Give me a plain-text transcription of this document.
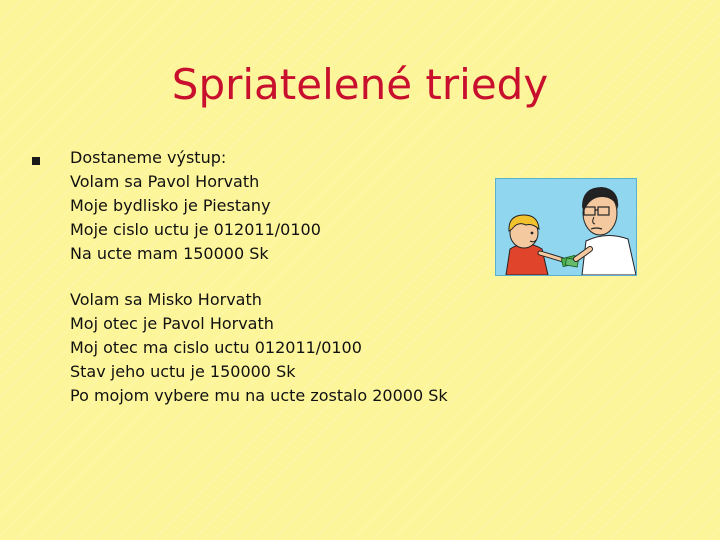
Spriatelené triedy
Dostaneme výstup:
Volam sa Pavol Horvath
Moje bydlisko je Piestany
Moje cislo uctu je 012011/0100
Na ucte mam 150000 Sk
Volam sa Misko Horvath
Moj otec je Pavol Horvath
Moj otec ma cislo uctu 012011/0100
Stav jeho uctu je 150000 Sk
Po mojom vybere mu na ucte zostalo 20000 Sk
